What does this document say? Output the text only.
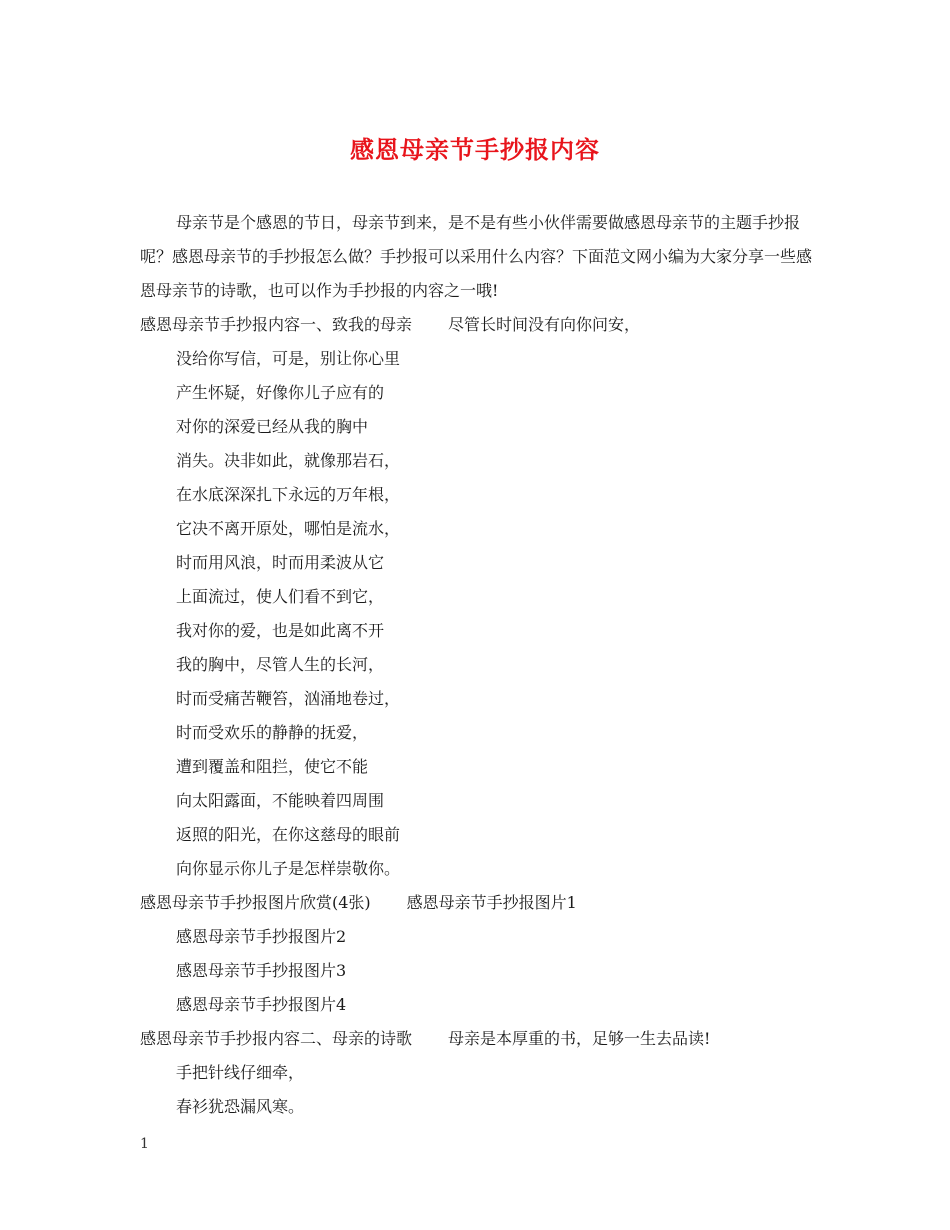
感恩母亲节手抄报内容

母亲节是个感恩的节日，母亲节到来，是不是有些小伙伴需要做感恩母亲节的主题手抄报呢？感恩母亲节的手抄报怎么做？手抄报可以采用什么内容？下面范文网小编为大家分享一些感恩母亲节的诗歌，也可以作为手抄报的内容之一哦!

感恩母亲节手抄报内容一、致我的母亲 尽管长时间没有向你问安，
没给你写信，可是，别让你心里
产生怀疑，好像你儿子应有的
对你的深爱已经从我的胸中
消失。决非如此，就像那岩石，
在水底深深扎下永远的万年根，
它决不离开原处，哪怕是流水，
时而用风浪，时而用柔波从它
上面流过，使人们看不到它，
我对你的爱，也是如此离不开
我的胸中，尽管人生的长河，
时而受痛苦鞭笞，汹涌地卷过，
时而受欢乐的静静的抚爱，
遭到覆盖和阻拦，使它不能
向太阳露面，不能映着四周围
返照的阳光，在你这慈母的眼前
向你显示你儿子是怎样崇敬你。
感恩母亲节手抄报图片欣赏(4张) 感恩母亲节手抄报图片1
感恩母亲节手抄报图片2
感恩母亲节手抄报图片3
感恩母亲节手抄报图片4
感恩母亲节手抄报内容二、母亲的诗歌 母亲是本厚重的书，足够一生去品读!
手把针线仔细牵，
春衫犹恐漏风寒。
1
